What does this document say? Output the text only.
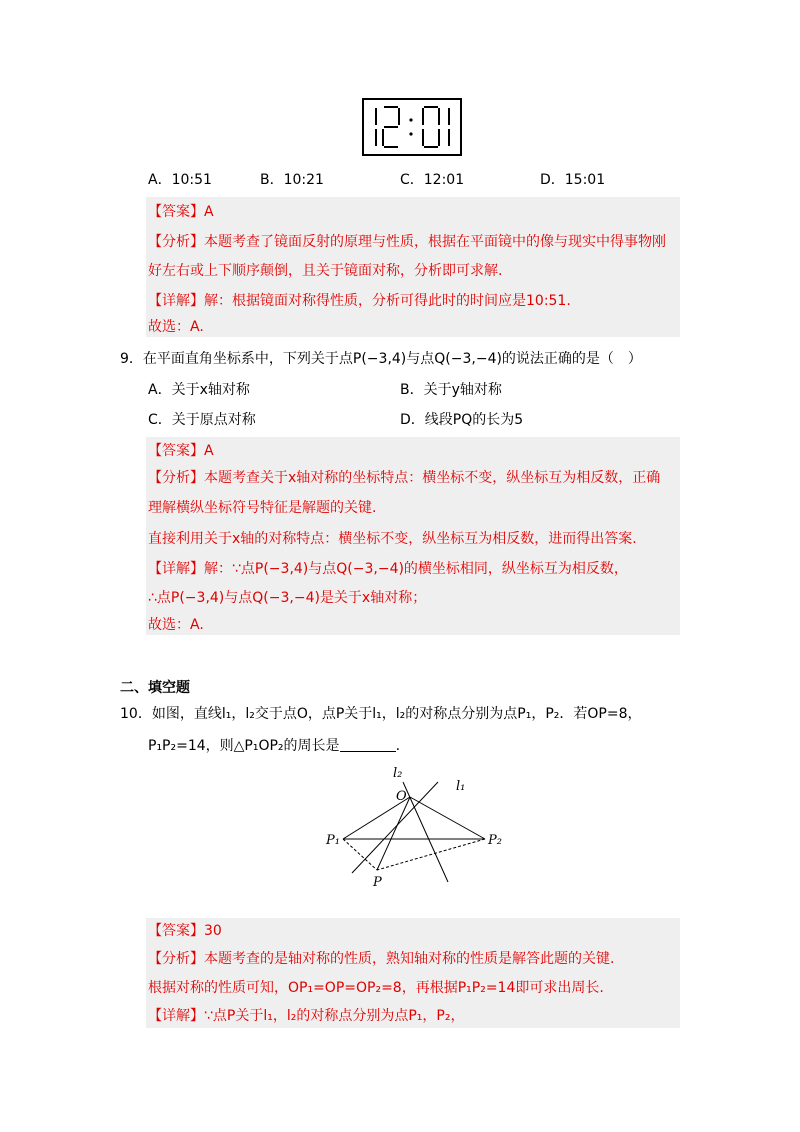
A．10:51	B．10:21	C．12:01	D．15:01
【答案】A
【分析】本题考查了镜面反射的原理与性质，根据在平面镜中的像与现实中得事物刚
好左右或上下顺序颠倒，且关于镜面对称，分析即可求解.
【详解】解：根据镜面对称得性质，分析可得此时的时间应是10:51.
故选：A.
9．在平面直角坐标系中，下列关于点P(−3,4)与点Q(−3,−4)的说法正确的是（　）
A．关于x轴对称	B．关于y轴对称
C．关于原点对称	D．线段PQ的长为5
【答案】A
【分析】本题考查关于x轴对称的坐标特点：横坐标不变，纵坐标互为相反数，正确
理解横纵坐标符号特征是解题的关键.
直接利用关于x轴的对称特点：横坐标不变，纵坐标互为相反数，进而得出答案.
【详解】解：∵点P(−3,4)与点Q(−3,−4)的横坐标相同，纵坐标互为相反数，
∴点P(−3,4)与点Q(−3,−4)是关于x轴对称；
故选：A.
二、填空题
10．如图，直线l₁，l₂交于点O，点P关于l₁，l₂的对称点分别为点P₁，P₂．若OP=8，
P₁P₂=14，则△P₁OP₂的周长是	.
l₂
l₁
O
P₁	P₂
P
【答案】30
【分析】本题考查的是轴对称的性质，熟知轴对称的性质是解答此题的关键.
根据对称的性质可知，OP₁=OP=OP₂=8，再根据P₁P₂=14即可求出周长.
【详解】∵点P关于l₁，l₂的对称点分别为点P₁，P₂，
